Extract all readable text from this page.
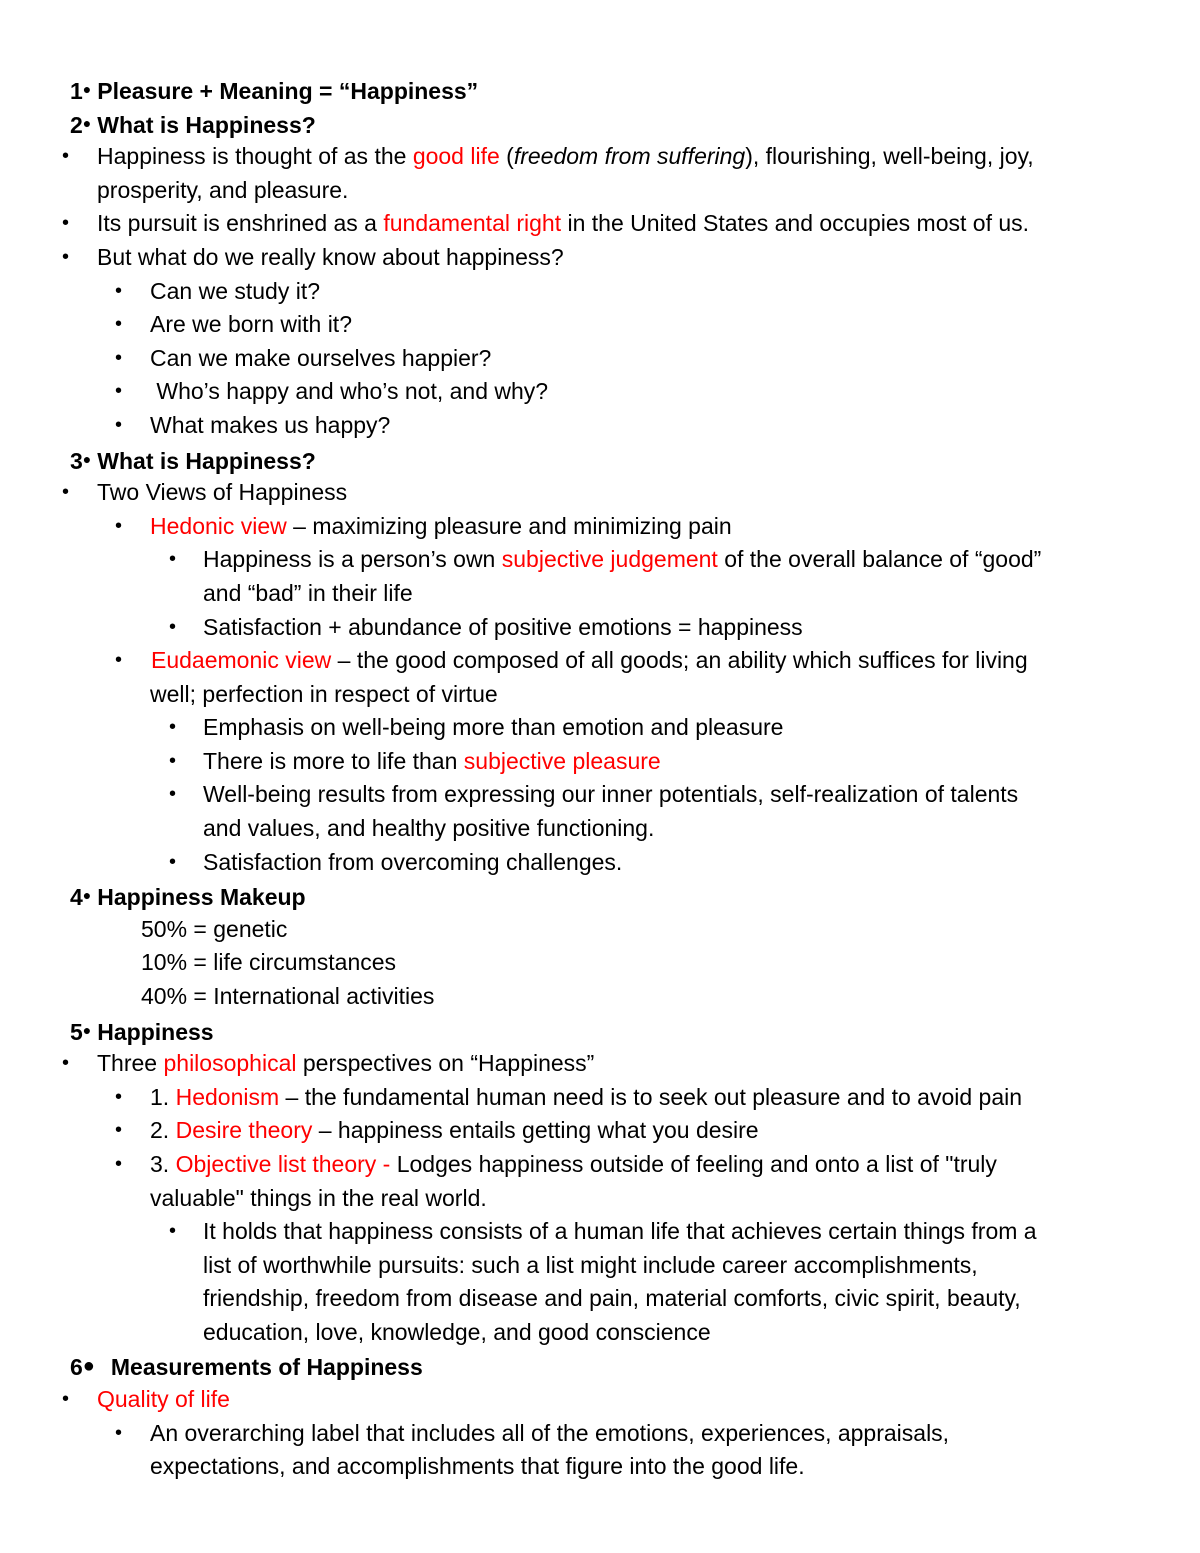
1● Pleasure + Meaning = “Happiness”
2● What is Happiness?
• Happiness is thought of as the good life (freedom from suffering), flourishing, well-being, joy,
prosperity, and pleasure.
• Its pursuit is enshrined as a fundamental right in the United States and occupies most of us.
• But what do we really know about happiness?
• Can we study it?
• Are we born with it?
• Can we make ourselves happier?
• Who’s happy and who’s not, and why?
• What makes us happy?
3● What is Happiness?
• Two Views of Happiness
• Hedonic view – maximizing pleasure and minimizing pain
• Happiness is a person’s own subjective judgement of the overall balance of “good”
and “bad” in their life
• Satisfaction + abundance of positive emotions = happiness
• Eudaemonic view – the good composed of all goods; an ability which suffices for living
well; perfection in respect of virtue
• Emphasis on well-being more than emotion and pleasure
• There is more to life than subjective pleasure
• Well-being results from expressing our inner potentials, self-realization of talents
and values, and healthy positive functioning.
• Satisfaction from overcoming challenges.
4● Happiness Makeup
50% = genetic
10% = life circumstances
40% = International activities
5● Happiness
• Three philosophical perspectives on “Happiness”
• 1. Hedonism – the fundamental human need is to seek out pleasure and to avoid pain
• 2. Desire theory – happiness entails getting what you desire
• 3. Objective list theory - Lodges happiness outside of feeling and onto a list of "truly
valuable" things in the real world.
• It holds that happiness consists of a human life that achieves certain things from a
list of worthwhile pursuits: such a list might include career accomplishments,
friendship, freedom from disease and pain, material comforts, civic spirit, beauty,
education, love, knowledge, and good conscience
6● Measurements of Happiness
• Quality of life
• An overarching label that includes all of the emotions, experiences, appraisals,
expectations, and accomplishments that figure into the good life.
